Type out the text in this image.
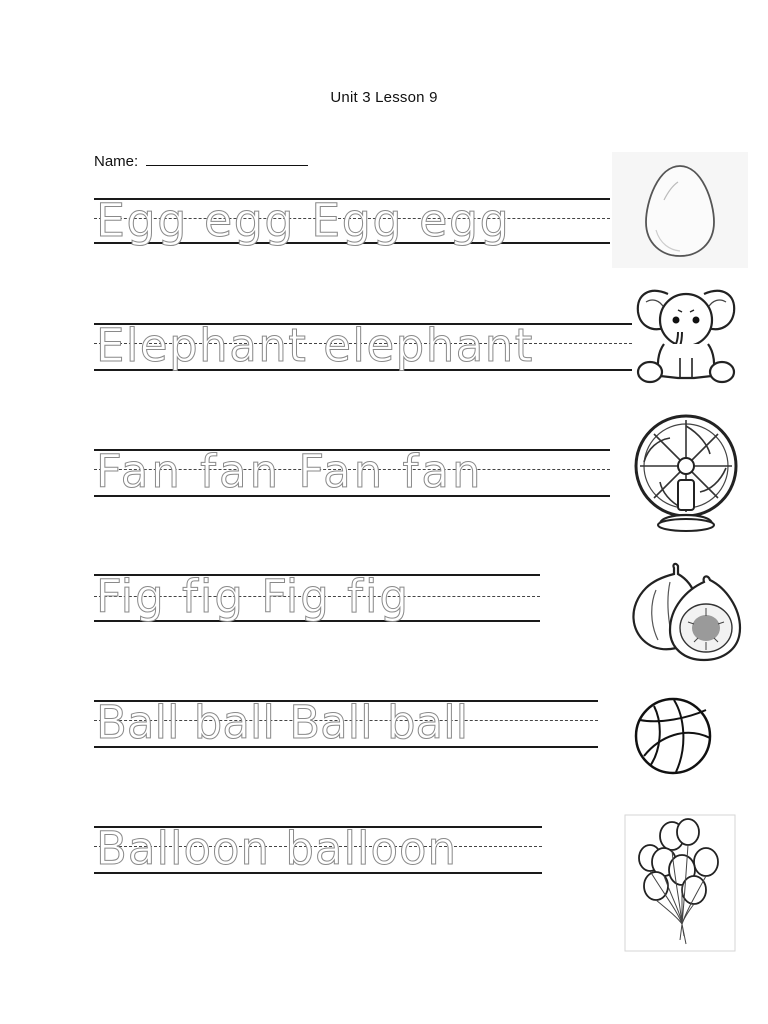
Unit 3 Lesson 9
Name:
Egg egg Egg egg
Elephant elephant
Fan fan Fan fan
Fig fig Fig fig
Ball ball Ball ball
Balloon balloon
